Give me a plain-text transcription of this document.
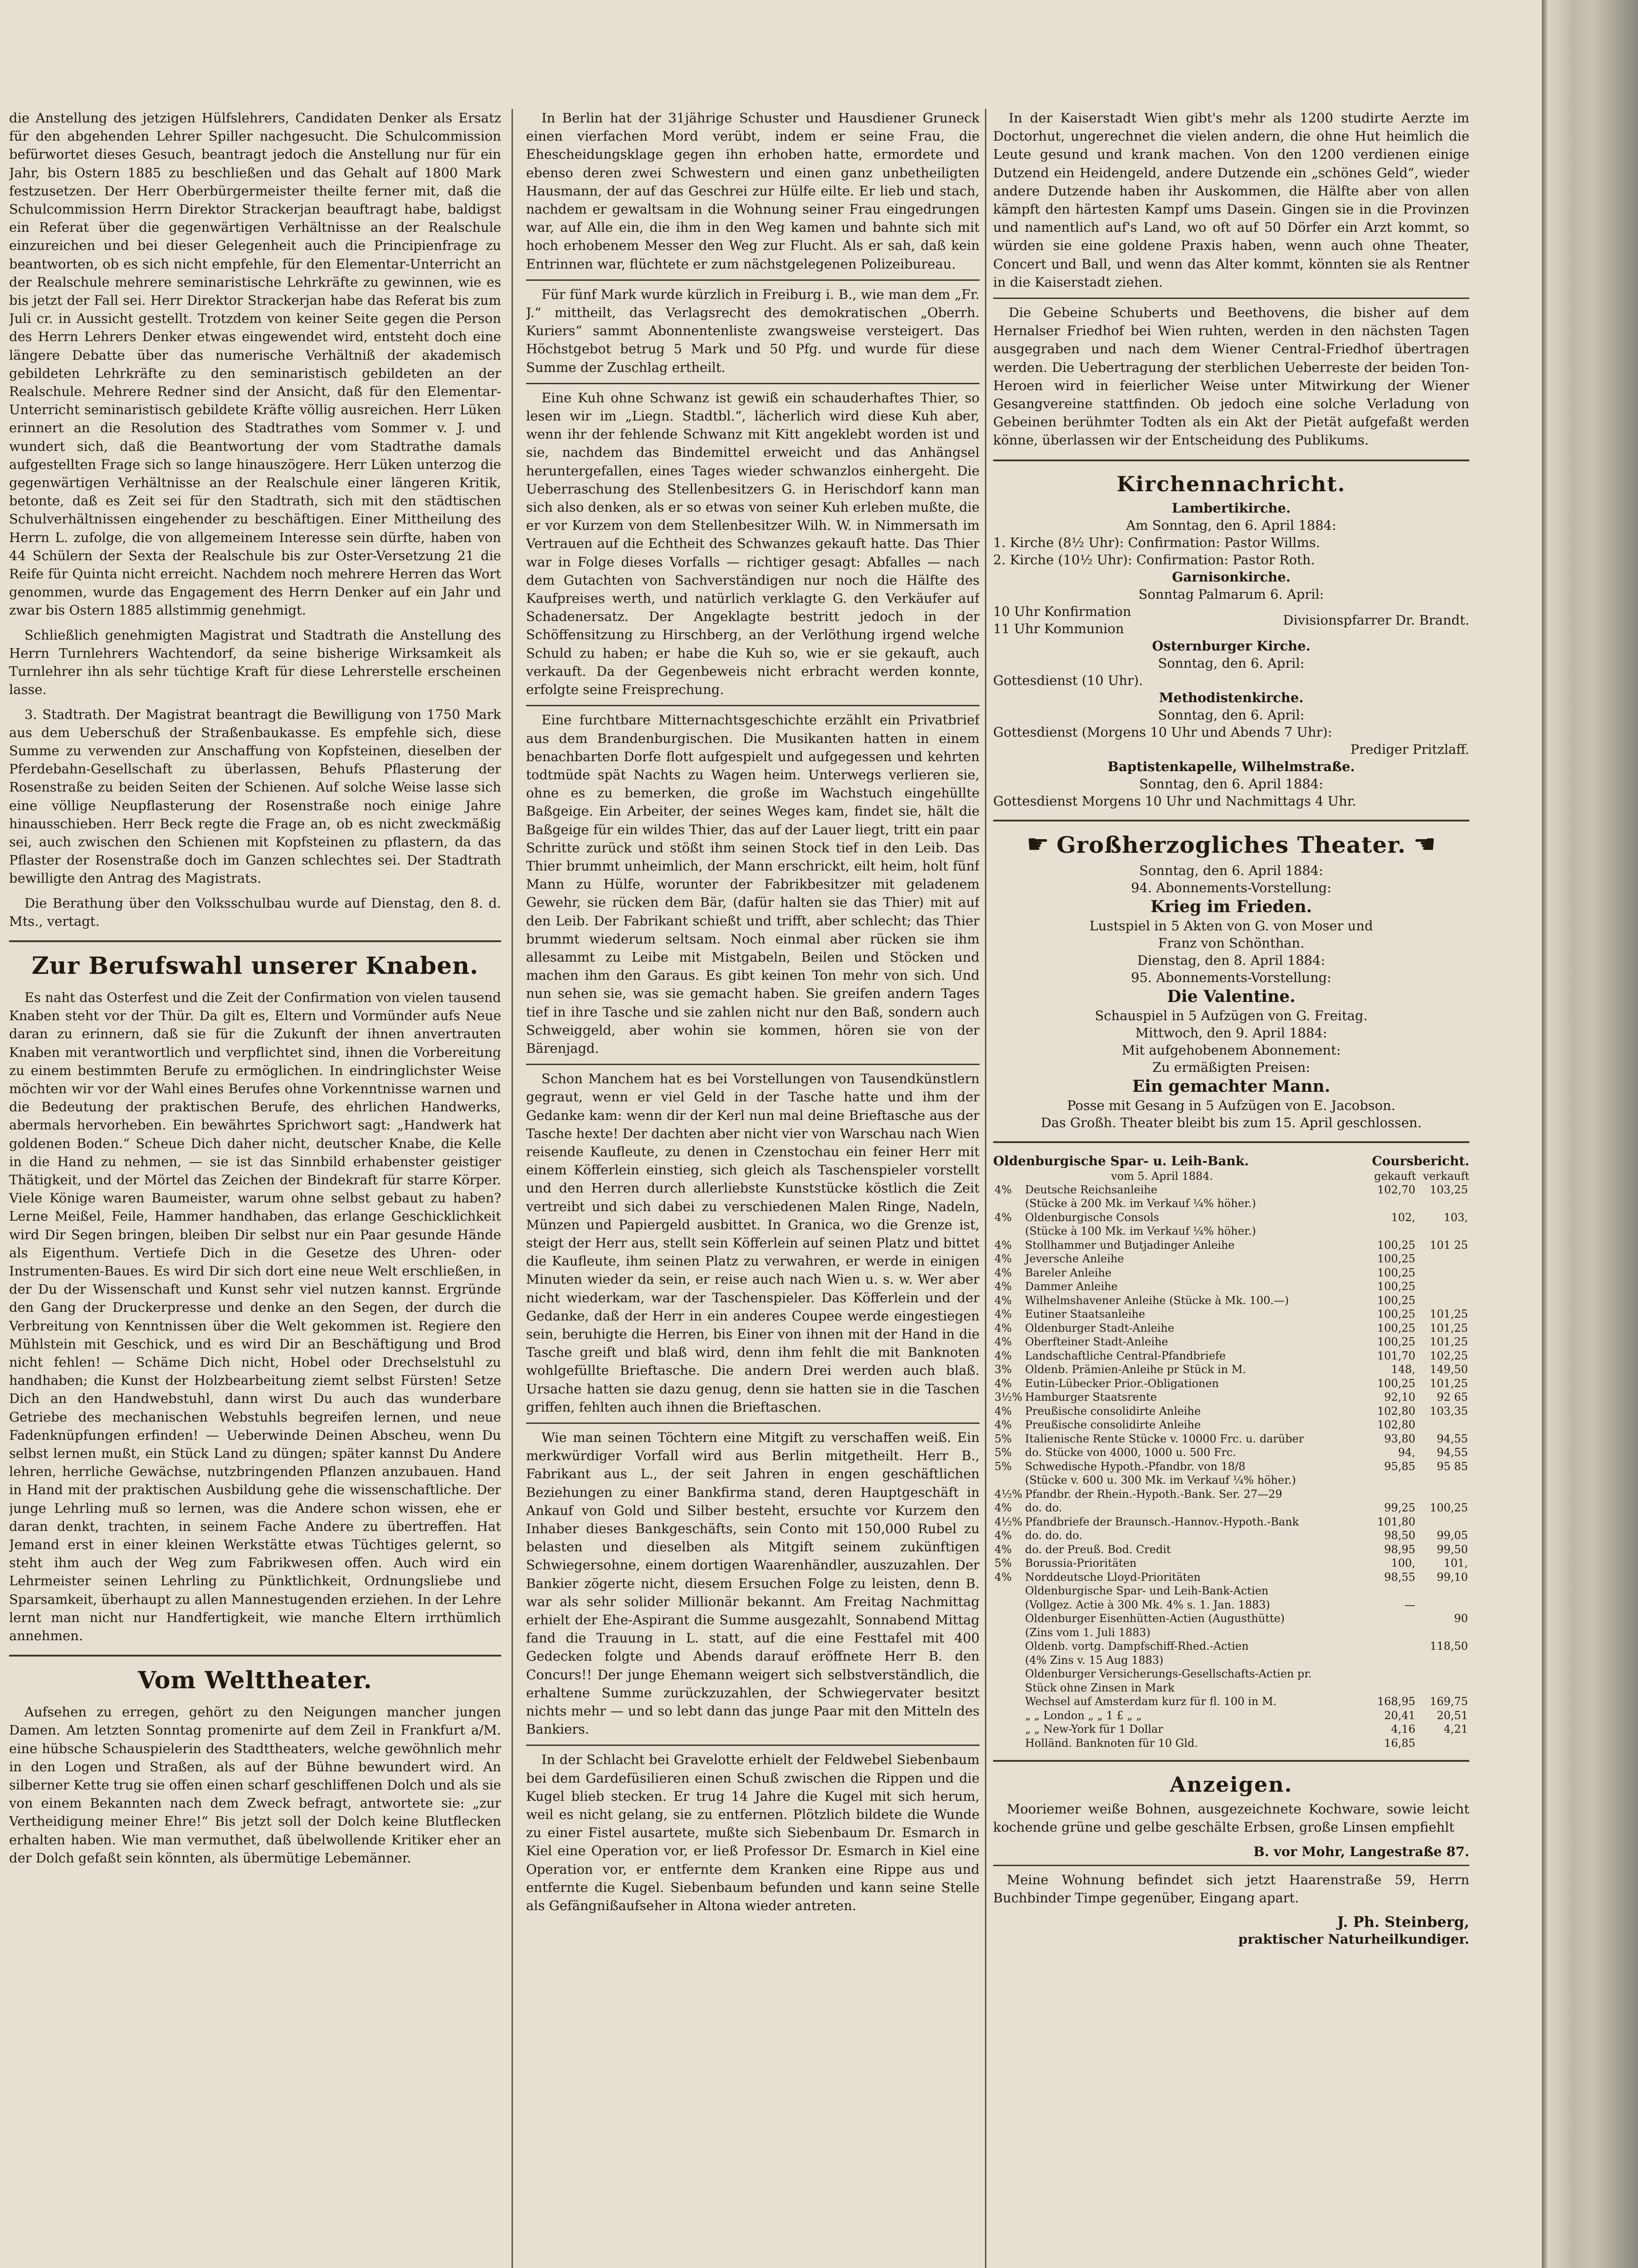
die Anstellung des jetzigen Hülfslehrers, Candidaten Denker als Ersatz für den abgehenden Lehrer Spiller nachgesucht. Die Schulcommission befürwortet dieses Gesuch, beantragt jedoch die Anstellung nur für ein Jahr, bis Ostern 1885 zu beschließen und das Gehalt auf 1800 Mark festzusetzen. Der Herr Oberbürgermeister theilte ferner mit, daß die Schulcommission Herrn Direktor Strackerjan beauftragt habe, baldigst ein Referat über die gegenwärtigen Verhältnisse an der Realschule einzureichen und bei dieser Gelegenheit auch die Principienfrage zu beantworten, ob es sich nicht empfehle, für den Elementar-Unterricht an der Realschule mehrere seminaristische Lehrkräfte zu gewinnen, wie es bis jetzt der Fall sei. Herr Direktor Strackerjan habe das Referat bis zum Juli cr. in Aussicht gestellt. Trotzdem von keiner Seite gegen die Person des Herrn Lehrers Denker etwas eingewendet wird, entsteht doch eine längere Debatte über das numerische Verhältniß der akademisch gebildeten Lehrkräfte zu den seminaristisch gebildeten an der Realschule. Mehrere Redner sind der Ansicht, daß für den Elementar-Unterricht seminaristisch gebildete Kräfte völlig ausreichen. Herr Lüken erinnert an die Resolution des Stadtrathes vom Sommer v. J. und wundert sich, daß die Beantwortung der vom Stadtrathe damals aufgestellten Frage sich so lange hinauszögere. Herr Lüken unterzog die gegenwärtigen Verhältnisse an der Realschule einer längeren Kritik, betonte, daß es Zeit sei für den Stadtrath, sich mit den städtischen Schulverhältnissen eingehender zu beschäftigen. Einer Mittheilung des Herrn L. zufolge, die von allgemeinem Interesse sein dürfte, haben von 44 Schülern der Sexta der Realschule bis zur Oster-Versetzung 21 die Reife für Quinta nicht erreicht. Nachdem noch mehrere Herren das Wort genommen, wurde das Engagement des Herrn Denker auf ein Jahr und zwar bis Ostern 1885 allstimmig genehmigt.

Schließlich genehmigten Magistrat und Stadtrath die Anstellung des Herrn Turnlehrers Wachtendorf, da seine bisherige Wirksamkeit als Turnlehrer ihn als sehr tüchtige Kraft für diese Lehrerstelle erscheinen lasse.

3. Stadtrath. Der Magistrat beantragt die Bewilligung von 1750 Mark aus dem Ueberschuß der Straßenbaukasse. Es empfehle sich, diese Summe zu verwenden zur Anschaffung von Kopfsteinen, dieselben der Pferdebahn-Gesellschaft zu überlassen, Behufs Pflasterung der Rosenstraße zu beiden Seiten der Schienen. Auf solche Weise lasse sich eine völlige Neupflasterung der Rosenstraße noch einige Jahre hinausschieben. Herr Beck regte die Frage an, ob es nicht zweckmäßig sei, auch zwischen den Schienen mit Kopfsteinen zu pflastern, da das Pflaster der Rosenstraße doch im Ganzen schlechtes sei. Der Stadtrath bewilligte den Antrag des Magistrats.

Die Berathung über den Volksschulbau wurde auf Dienstag, den 8. d. Mts., vertagt.

Zur Berufswahl unserer Knaben.

Es naht das Osterfest und die Zeit der Confirmation von vielen tausend Knaben steht vor der Thür. Da gilt es, Eltern und Vormünder aufs Neue daran zu erinnern, daß sie für die Zukunft der ihnen anvertrauten Knaben mit verantwortlich und verpflichtet sind, ihnen die Vorbereitung zu einem bestimmten Berufe zu ermöglichen. In eindringlichster Weise möchten wir vor der Wahl eines Berufes ohne Vorkenntnisse warnen und die Bedeutung der praktischen Berufe, des ehrlichen Handwerks, abermals hervorheben. Ein bewährtes Sprichwort sagt: „Handwerk hat goldenen Boden.“ Scheue Dich daher nicht, deutscher Knabe, die Kelle in die Hand zu nehmen, — sie ist das Sinnbild erhabenster geistiger Thätigkeit, und der Mörtel das Zeichen der Bindekraft für starre Körper. Viele Könige waren Baumeister, warum ohne selbst gebaut zu haben? Lerne Meißel, Feile, Hammer handhaben, das erlange Geschicklichkeit wird Dir Segen bringen, bleiben Dir selbst nur ein Paar gesunde Hände als Eigenthum. Vertiefe Dich in die Gesetze des Uhren- oder Instrumenten-Baues. Es wird Dir sich dort eine neue Welt erschließen, in der Du der Wissenschaft und Kunst sehr viel nutzen kannst. Ergründe den Gang der Druckerpresse und denke an den Segen, der durch die Verbreitung von Kenntnissen über die Welt gekommen ist. Regiere den Mühlstein mit Geschick, und es wird Dir an Beschäftigung und Brod nicht fehlen! — Schäme Dich nicht, Hobel oder Drechselstuhl zu handhaben; die Kunst der Holzbearbeitung ziemt selbst Fürsten! Setze Dich an den Handwebstuhl, dann wirst Du auch das wunderbare Getriebe des mechanischen Webstuhls begreifen lernen, und neue Fadenknüpfungen erfinden! — Ueberwinde Deinen Abscheu, wenn Du selbst lernen mußt, ein Stück Land zu düngen; später kannst Du Andere lehren, herrliche Gewächse, nutzbringenden Pflanzen anzubauen. Hand in Hand mit der praktischen Ausbildung gehe die wissenschaftliche. Der junge Lehrling muß so lernen, was die Andere schon wissen, ehe er daran denkt, trachten, in seinem Fache Andere zu übertreffen. Hat Jemand erst in einer kleinen Werkstätte etwas Tüchtiges gelernt, so steht ihm auch der Weg zum Fabrikwesen offen. Auch wird ein Lehrmeister seinen Lehrling zu Pünktlichkeit, Ordnungsliebe und Sparsamkeit, überhaupt zu allen Mannestugenden erziehen. In der Lehre lernt man nicht nur Handfertigkeit, wie manche Eltern irrthümlich annehmen.

Vom Welttheater.

Aufsehen zu erregen, gehört zu den Neigungen mancher jungen Damen. Am letzten Sonntag promenirte auf dem Zeil in Frankfurt a/M. eine hübsche Schauspielerin des Stadttheaters, welche gewöhnlich mehr in den Logen und Straßen, als auf der Bühne bewundert wird. An silberner Kette trug sie offen einen scharf geschliffenen Dolch und als sie von einem Bekannten nach dem Zweck befragt, antwortete sie: „zur Vertheidigung meiner Ehre!“ Bis jetzt soll der Dolch keine Blutflecken erhalten haben. Wie man vermuthet, daß übelwollende Kritiker eher an der Dolch gefaßt sein könnten, als übermütige Lebemänner.

In Berlin hat der 31jährige Schuster und Hausdiener Gruneck einen vierfachen Mord verübt, indem er seine Frau, die Ehescheidungsklage gegen ihn erhoben hatte, ermordete und ebenso deren zwei Schwestern und einen ganz unbetheiligten Hausmann, der auf das Geschrei zur Hülfe eilte. Er lieb und stach, nachdem er gewaltsam in die Wohnung seiner Frau eingedrungen war, auf Alle ein, die ihm in den Weg kamen und bahnte sich mit hoch erhobenem Messer den Weg zur Flucht. Als er sah, daß kein Entrinnen war, flüchtete er zum nächstgelegenen Polizeibureau.

Für fünf Mark wurde kürzlich in Freiburg i. B., wie man dem „Fr. J.“ mittheilt, das Verlagsrecht des demokratischen „Oberrh. Kuriers“ sammt Abonnentenliste zwangsweise versteigert. Das Höchstgebot betrug 5 Mark und 50 Pfg. und wurde für diese Summe der Zuschlag ertheilt.

Eine Kuh ohne Schwanz ist gewiß ein schauderhaftes Thier, so lesen wir im „Liegn. Stadtbl.“, lächerlich wird diese Kuh aber, wenn ihr der fehlende Schwanz mit Kitt angeklebt worden ist und sie, nachdem das Bindemittel erweicht und das Anhängsel heruntergefallen, eines Tages wieder schwanzlos einhergeht. Die Ueberraschung des Stellenbesitzers G. in Herischdorf kann man sich also denken, als er so etwas von seiner Kuh erleben mußte, die er vor Kurzem von dem Stellenbesitzer Wilh. W. in Nimmersath im Vertrauen auf die Echtheit des Schwanzes gekauft hatte. Das Thier war in Folge dieses Vorfalls — richtiger gesagt: Abfalles — nach dem Gutachten von Sachverständigen nur noch die Hälfte des Kaufpreises werth, und natürlich verklagte G. den Verkäufer auf Schadenersatz. Der Angeklagte bestritt jedoch in der Schöffensitzung zu Hirschberg, an der Verlöthung irgend welche Schuld zu haben; er habe die Kuh so, wie er sie gekauft, auch verkauft. Da der Gegenbeweis nicht erbracht werden konnte, erfolgte seine Freisprechung.

Eine furchtbare Mitternachtsgeschichte erzählt ein Privatbrief aus dem Brandenburgischen. Die Musikanten hatten in einem benachbarten Dorfe flott aufgespielt und aufgegessen und kehrten todtmüde spät Nachts zu Wagen heim. Unterwegs verlieren sie, ohne es zu bemerken, die große im Wachstuch eingehüllte Baßgeige. Ein Arbeiter, der seines Weges kam, findet sie, hält die Baßgeige für ein wildes Thier, das auf der Lauer liegt, tritt ein paar Schritte zurück und stößt ihm seinen Stock tief in den Leib. Das Thier brummt unheimlich, der Mann erschrickt, eilt heim, holt fünf Mann zu Hülfe, worunter der Fabrikbesitzer mit geladenem Gewehr, sie rücken dem Bär, (dafür halten sie das Thier) mit auf den Leib. Der Fabrikant schießt und trifft, aber schlecht; das Thier brummt wiederum seltsam. Noch einmal aber rücken sie ihm allesammt zu Leibe mit Mistgabeln, Beilen und Stöcken und machen ihm den Garaus. Es gibt keinen Ton mehr von sich. Und nun sehen sie, was sie gemacht haben. Sie greifen andern Tages tief in ihre Tasche und sie zahlen nicht nur den Baß, sondern auch Schweiggeld, aber wohin sie kommen, hören sie von der Bärenjagd.

Schon Manchem hat es bei Vorstellungen von Tausendkünstlern gegraut, wenn er viel Geld in der Tasche hatte und ihm der Gedanke kam: wenn dir der Kerl nun mal deine Brieftasche aus der Tasche hexte! Der dachten aber nicht vier von Warschau nach Wien reisende Kaufleute, zu denen in Czenstochau ein feiner Herr mit einem Köfferlein einstieg, sich gleich als Taschenspieler vorstellt und den Herren durch allerliebste Kunststücke köstlich die Zeit vertreibt und sich dabei zu verschiedenen Malen Ringe, Nadeln, Münzen und Papiergeld ausbittet. In Granica, wo die Grenze ist, steigt der Herr aus, stellt sein Köfferlein auf seinen Platz und bittet die Kaufleute, ihm seinen Platz zu verwahren, er werde in einigen Minuten wieder da sein, er reise auch nach Wien u. s. w. Wer aber nicht wiederkam, war der Taschenspieler. Das Köfferlein und der Gedanke, daß der Herr in ein anderes Coupee werde eingestiegen sein, beruhigte die Herren, bis Einer von ihnen mit der Hand in die Tasche greift und blaß wird, denn ihm fehlt die mit Banknoten wohlgefüllte Brieftasche. Die andern Drei werden auch blaß. Ursache hatten sie dazu genug, denn sie hatten sie in die Taschen griffen, fehlten auch ihnen die Brieftaschen.

Wie man seinen Töchtern eine Mitgift zu verschaffen weiß. Ein merkwürdiger Vorfall wird aus Berlin mitgetheilt. Herr B., Fabrikant aus L., der seit Jahren in engen geschäftlichen Beziehungen zu einer Bankfirma stand, deren Hauptgeschäft in Ankauf von Gold und Silber besteht, ersuchte vor Kurzem den Inhaber dieses Bankgeschäfts, sein Conto mit 150,000 Rubel zu belasten und dieselben als Mitgift seinem zukünftigen Schwiegersohne, einem dortigen Waarenhändler, auszuzahlen. Der Bankier zögerte nicht, diesem Ersuchen Folge zu leisten, denn B. war als sehr solider Millionär bekannt. Am Freitag Nachmittag erhielt der Ehe-Aspirant die Summe ausgezahlt, Sonnabend Mittag fand die Trauung in L. statt, auf die eine Festtafel mit 400 Gedecken folgte und Abends darauf eröffnete Herr B. den Concurs!! Der junge Ehemann weigert sich selbstverständlich, die erhaltene Summe zurückzuzahlen, der Schwiegervater besitzt nichts mehr — und so lebt dann das junge Paar mit den Mitteln des Bankiers.

In der Schlacht bei Gravelotte erhielt der Feldwebel Siebenbaum bei dem Gardefüsilieren einen Schuß zwischen die Rippen und die Kugel blieb stecken. Er trug 14 Jahre die Kugel mit sich herum, weil es nicht gelang, sie zu entfernen. Plötzlich bildete die Wunde zu einer Fistel ausartete, mußte sich Siebenbaum Dr. Esmarch in Kiel eine Operation vor, er ließ Professor Dr. Esmarch in Kiel eine Operation vor, er entfernte dem Kranken eine Rippe aus und entfernte die Kugel. Siebenbaum befunden und kann seine Stelle als Gefängnißaufseher in Altona wieder antreten.

In der Kaiserstadt Wien gibt's mehr als 1200 studirte Aerzte im Doctorhut, ungerechnet die vielen andern, die ohne Hut heimlich die Leute gesund und krank machen. Von den 1200 verdienen einige Dutzend ein Heidengeld, andere Dutzende ein „schönes Geld“, wieder andere Dutzende haben ihr Auskommen, die Hälfte aber von allen kämpft den härtesten Kampf ums Dasein. Gingen sie in die Provinzen und namentlich auf's Land, wo oft auf 50 Dörfer ein Arzt kommt, so würden sie eine goldene Praxis haben, wenn auch ohne Theater, Concert und Ball, und wenn das Alter kommt, könnten sie als Rentner in die Kaiserstadt ziehen.

Die Gebeine Schuberts und Beethovens, die bisher auf dem Hernalser Friedhof bei Wien ruhten, werden in den nächsten Tagen ausgegraben und nach dem Wiener Central-Friedhof übertragen werden. Die Uebertragung der sterblichen Ueberreste der beiden Ton-Heroen wird in feierlicher Weise unter Mitwirkung der Wiener Gesangvereine stattfinden. Ob jedoch eine solche Verladung von Gebeinen berühmter Todten als ein Akt der Pietät aufgefaßt werden könne, überlassen wir der Entscheidung des Publikums.

Kirchennachricht.

Lambertikirche.

Am Sonntag, den 6. April 1884:

1. Kirche (8½ Uhr): Confirmation: Pastor Willms.

2. Kirche (10½ Uhr): Confirmation: Pastor Roth.

Garnisonkirche.

Sonntag Palmarum 6. April:

10 Uhr Konfirmation
11 Uhr Kommunion
Divisionspfarrer Dr. Brandt.

Osternburger Kirche.

Sonntag, den 6. April:

Gottesdienst (10 Uhr).

Methodistenkirche.

Sonntag, den 6. April:

Gottesdienst (Morgens 10 Uhr und Abends 7 Uhr):

Prediger Pritzlaff.

Baptistenkapelle, Wilhelmstraße.

Sonntag, den 6. April 1884:

Gottesdienst Morgens 10 Uhr und Nachmittags 4 Uhr.

☛ Großherzogliches Theater. ☚

Sonntag, den 6. April 1884:

94. Abonnements-Vorstellung:

Krieg im Frieden.

Lustspiel in 5 Akten von G. von Moser und

Franz von Schönthan.

Dienstag, den 8. April 1884:

95. Abonnements-Vorstellung:

Die Valentine.

Schauspiel in 5 Aufzügen von G. Freitag.

Mittwoch, den 9. April 1884:

Mit aufgehobenem Abonnement:

Zu ermäßigten Preisen:

Ein gemachter Mann.

Posse mit Gesang in 5 Aufzügen von E. Jacobson.

Das Großh. Theater bleibt bis zum 15. April geschlossen.

Oldenburgische Spar- u. Leih-Bank.	Coursbericht.
vom 5. April 1884.	gekauft verkauft
4%	Deutsche Reichsanleihe	102,70	103,25
	(Stücke à 200 Mk. im Verkauf ¼% höher.)		
4%	Oldenburgische Consols	102,	103,
	(Stücke à 100 Mk. im Verkauf ¼% höher.)		
4%	Stollhammer und Butjadinger Anleihe	100,25	101 25
4%	Jeversche Anleihe	100,25	
4%	Bareler Anleihe	100,25	
4%	Dammer Anleihe	100,25	
4%	Wilhelmshavener Anleihe (Stücke à Mk. 100.—)	100,25	
4%	Eutiner Staatsanleihe	100,25	101,25
4%	Oldenburger Stadt-Anleihe	100,25	101,25
4%	Oberfteiner Stadt-Anleihe	100,25	101,25
4%	Landschaftliche Central-Pfandbriefe	101,70	102,25
3%	Oldenb. Prämien-Anleihe pr Stück in M.	148,	149,50
4%	Eutin-Lübecker Prior.-Obligationen	100,25	101,25
3½%	Hamburger Staatsrente	92,10	92 65
4%	Preußische consolidirte Anleihe	102,80	103,35
4%	Preußische consolidirte Anleihe	102,80	
5%	Italienische Rente Stücke v. 10000 Frc. u. darüber	93,80	94,55
5%	do. Stücke von 4000, 1000 u. 500 Frc.	94,	94,55
5%	Schwedische Hypoth.-Pfandbr. von 18/8	95,85	95 85
	(Stücke v. 600 u. 300 Mk. im Verkauf ¼% höher.)		
4½%	Pfandbr. der Rhein.-Hypoth.-Bank. Ser. 27—29		
4%	do. do.	99,25	100,25
4½%	Pfandbriefe der Braunsch.-Hannov.-Hypoth.-Bank	101,80	
4%	do. do. do.	98,50	99,05
4%	do. der Preuß. Bod. Credit	98,95	99,50
5%	Borussia-Prioritäten	100,	101,
4%	Norddeutsche Lloyd-Prioritäten	98,55	99,10
	Oldenburgische Spar- und Leih-Bank-Actien		
	(Vollgez. Actie à 300 Mk. 4% s. 1. Jan. 1883)	—	
	Oldenburger Eisenhütten-Actien (Augusthütte)		90
	(Zins vom 1. Juli 1883)		
	Oldenb. vortg. Dampfschiff-Rhed.-Actien		118,50
	(4% Zins v. 15 Aug 1883)		
	Oldenburger Versicherungs-Gesellschafts-Actien pr.		
	Stück ohne Zinsen in Mark		
	Wechsel auf Amsterdam kurz für fl. 100 in M.	168,95	169,75
	„ „ London „ „ 1 £ „ „	20,41	20,51
	„ „ New-York für 1 Dollar	4,16	4,21
	Holländ. Banknoten für 10 Gld.	16,85	
Anzeigen.

Mooriemer weiße Bohnen, ausgezeichnete Kochware, sowie leicht kochende grüne und gelbe geschälte Erbsen, große Linsen empfiehlt

B. vor Mohr, Langestraße 87.

Meine Wohnung befindet sich jetzt Haarenstraße 59, Herrn Buchbinder Timpe gegenüber, Eingang apart.

J. Ph. Steinberg,

praktischer Naturheilkundiger.
